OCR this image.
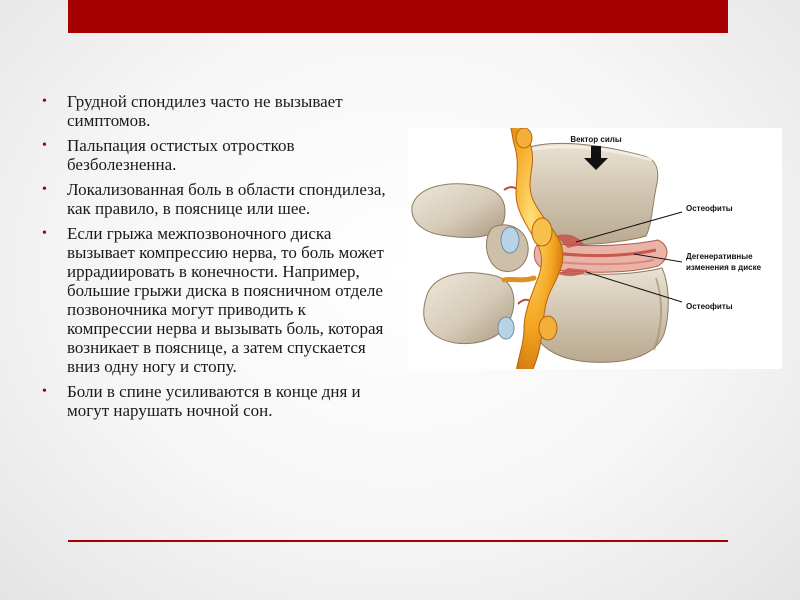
• Грудной спондилез часто не вызывает симптомов.
• Пальпация остистых отростков безболезненна.
• Локализованная боль в области спондилеза, как правило, в пояснице или шее.
• Если грыжа межпозвоночного диска вызывает компрессию нерва, то боль может иррадиировать в конечности. Например, большие грыжи диска в поясничном отделе позвоночника могут приводить к компрессии нерва и вызывать боль, которая возникает в пояснице, а затем спускается вниз одну ногу и стопу.
• Боли в спине усиливаются в конце дня и могут нарушать ночной сон.
Вектор силы
Остеофиты
Дегенеративные
изменения в диске
Остеофиты
